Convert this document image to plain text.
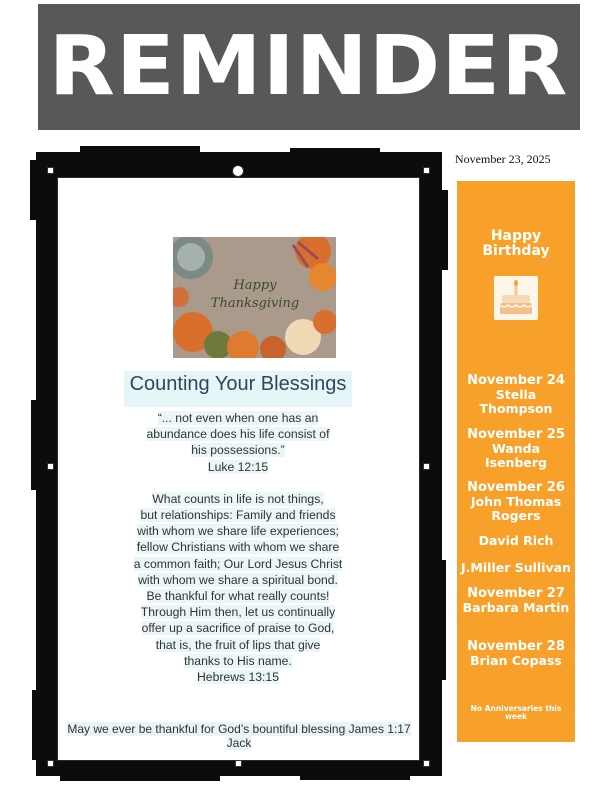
REMINDER
November 23, 2025
Happy
Thanksgiving
Counting Your Blessings

“... not even when one has an

abundance does his life consist of

his possessions.”

Luke 12:15

What counts in life is not things,

but relationships: Family and friends

with whom we share life experiences;

fellow Christians with whom we share

a common faith; Our Lord Jesus Christ

with whom we share a spiritual bond.

Be thankful for what really counts!

Through Him then, let us continually

offer up a sacrifice of praise to God,

that is, the fruit of lips that give

thanks to His name.

Hebrews 13:15

May we ever be thankful for God’s bountiful blessing James 1:17
Jack
Happy
Birthday
November 24
Stella
Thompson
November 25
Wanda
Isenberg
November 26
John Thomas
Rogers
David Rich
J.Miller Sullivan
November 27
Barbara Martin
November 28
Brian Copass
No Anniversaries this
week
